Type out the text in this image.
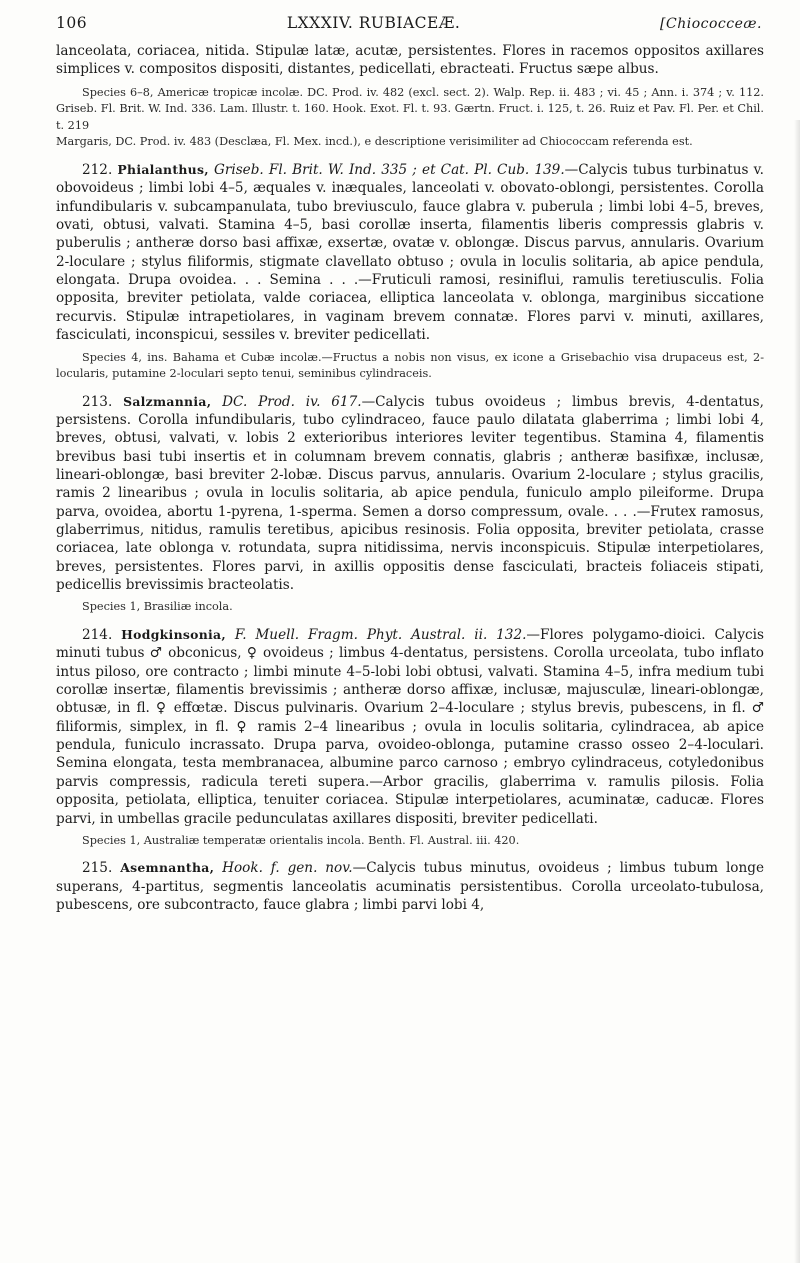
106	LXXXIV. RUBIACEÆ.	[Chiococceæ.

lanceolata, coriacea, nitida. Stipulæ latæ, acutæ, persistentes. Flores in racemos oppositos axillares simplices v. compositos dispositi, distantes, pedicellati, ebracteati. Fructus sæpe albus.

Species 6–8, Americæ tropicæ incolæ. DC. Prod. iv. 482 (excl. sect. 2). Walp. Rep. ii. 483 ; vi. 45 ; Ann. i. 374 ; v. 112. Griseb. Fl. Brit. W. Ind. 336. Lam. Illustr. t. 160. Hook. Exot. Fl. t. 93. Gærtn. Fruct. i. 125, t. 26. Ruiz et Pav. Fl. Per. et Chil. t. 219
Margaris, DC. Prod. iv. 483 (Desclæa, Fl. Mex. incd.), e descriptione verisimiliter ad Chiococcam referenda est.

212. Phialanthus, Griseb. Fl. Brit. W. Ind. 335 ; et Cat. Pl. Cub. 139.—Calycis tubus turbinatus v. obovoideus ; limbi lobi 4–5, æquales v. inæquales, lanceolati v. obovato-oblongi, persistentes. Corolla infundibularis v. subcampanulata, tubo breviusculo, fauce glabra v. puberula ; limbi lobi 4–5, breves, ovati, obtusi, valvati. Stamina 4–5, basi corollæ inserta, filamentis liberis compressis glabris v. puberulis ; antheræ dorso basi affixæ, exsertæ, ovatæ v. oblongæ. Discus parvus, annularis. Ovarium 2-loculare ; stylus filiformis, stigmate clavellato obtuso ; ovula in loculis solitaria, ab apice pendula, elongata. Drupa ovoidea. . . Semina . . .—Fruticuli ramosi, resiniflui, ramulis teretiusculis. Folia opposita, breviter petiolata, valde coriacea, elliptica lanceolata v. oblonga, marginibus siccatione recurvis. Stipulæ intrapetiolares, in vaginam brevem connatæ. Flores parvi v. minuti, axillares, fasciculati, inconspicui, sessiles v. breviter pedicellati.

Species 4, ins. Bahama et Cubæ incolæ.—Fructus a nobis non visus, ex icone a Grisebachio visa drupaceus est, 2-locularis, putamine 2-loculari septo tenui, seminibus cylindraceis.

213. Salzmannia, DC. Prod. iv. 617.—Calycis tubus ovoideus ; limbus brevis, 4-dentatus, persistens. Corolla infundibularis, tubo cylindraceo, fauce paulo dilatata glaberrima ; limbi lobi 4, breves, obtusi, valvati, v. lobis 2 exterioribus interiores leviter tegentibus. Stamina 4, filamentis brevibus basi tubi insertis et in columnam brevem connatis, glabris ; antheræ basifixæ, inclusæ, lineari-oblongæ, basi breviter 2-lobæ. Discus parvus, annularis. Ovarium 2-loculare ; stylus gracilis, ramis 2 linearibus ; ovula in loculis solitaria, ab apice pendula, funiculo amplo pileiforme. Drupa parva, ovoidea, abortu 1-pyrena, 1-sperma. Semen a dorso compressum, ovale. . . .—Frutex ramosus, glaberrimus, nitidus, ramulis teretibus, apicibus resinosis. Folia opposita, breviter petiolata, crasse coriacea, late oblonga v. rotundata, supra nitidissima, nervis inconspicuis. Stipulæ interpetiolares, breves, persistentes. Flores parvi, in axillis oppositis dense fasciculati, bracteis foliaceis stipati, pedicellis brevissimis bracteolatis.

Species 1, Brasiliæ incola.

214. Hodgkinsonia, F. Muell. Fragm. Phyt. Austral. ii. 132.—Flores polygamo-dioici. Calycis minuti tubus ♂ obconicus, ♀ ovoideus ; limbus 4-dentatus, persistens. Corolla urceolata, tubo inflato intus piloso, ore contracto ; limbi minute 4–5-lobi lobi obtusi, valvati. Stamina 4–5, infra medium tubi corollæ insertæ, filamentis brevissimis ; antheræ dorso affixæ, inclusæ, majusculæ, lineari-oblongæ, obtusæ, in fl. ♀ effœtæ. Discus pulvinaris. Ovarium 2–4-loculare ; stylus brevis, pubescens, in fl. ♂ filiformis, simplex, in fl. ♀ ramis 2–4 linearibus ; ovula in loculis solitaria, cylindracea, ab apice pendula, funiculo incrassato. Drupa parva, ovoideo-oblonga, putamine crasso osseo 2–4-loculari. Semina elongata, testa membranacea, albumine parco carnoso ; embryo cylindraceus, cotyledonibus parvis compressis, radicula tereti supera.—Arbor gracilis, glaberrima v. ramulis pilosis. Folia opposita, petiolata, elliptica, tenuiter coriacea. Stipulæ interpetiolares, acuminatæ, caducæ. Flores parvi, in umbellas gracile pedunculatas axillares dispositi, breviter pedicellati.

Species 1, Australiæ temperatæ orientalis incola. Benth. Fl. Austral. iii. 420.

215. Asemnantha, Hook. f. gen. nov.—Calycis tubus minutus, ovoideus ; limbus tubum longe superans, 4-partitus, segmentis lanceolatis acuminatis persistentibus. Corolla urceolato-tubulosa, pubescens, ore subcontracto, fauce glabra ; limbi parvi lobi 4,
